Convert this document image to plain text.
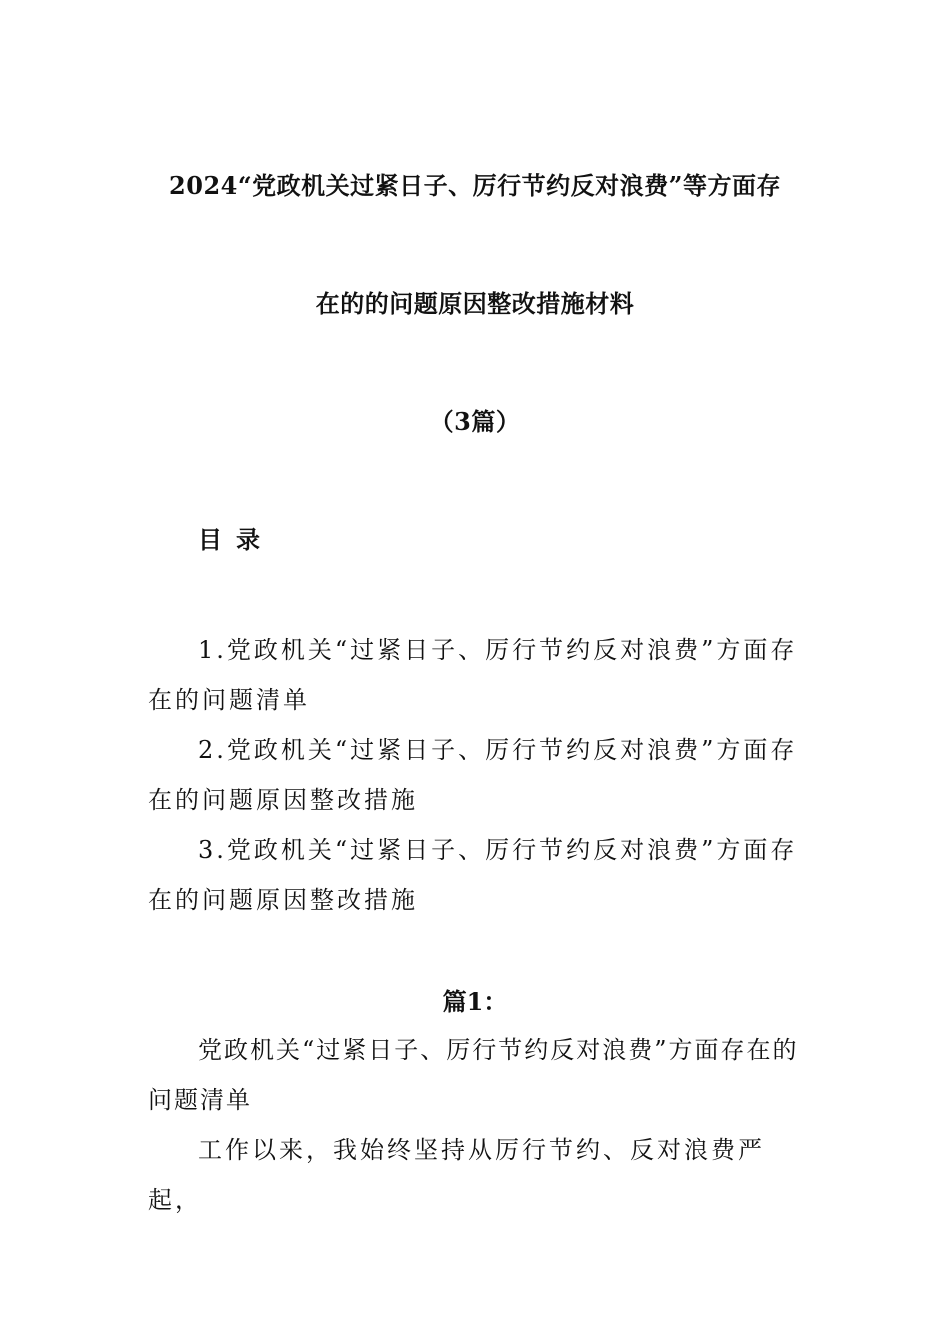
2024“党政机关过紧日子、厉行节约反对浪费”等方面存
在的的问题原因整改措施材料
（3篇）
目录
1.党政机关“过紧日子、厉行节约反对浪费”方面存在的问题清单
2.党政机关“过紧日子、厉行节约反对浪费”方面存在的问题原因整改措施
3.党政机关“过紧日子、厉行节约反对浪费”方面存在的问题原因整改措施
篇1：
党政机关“过紧日子、厉行节约反对浪费”方面存在的问题清单
工作以来，我始终坚持从厉行节约、反对浪费严起，
